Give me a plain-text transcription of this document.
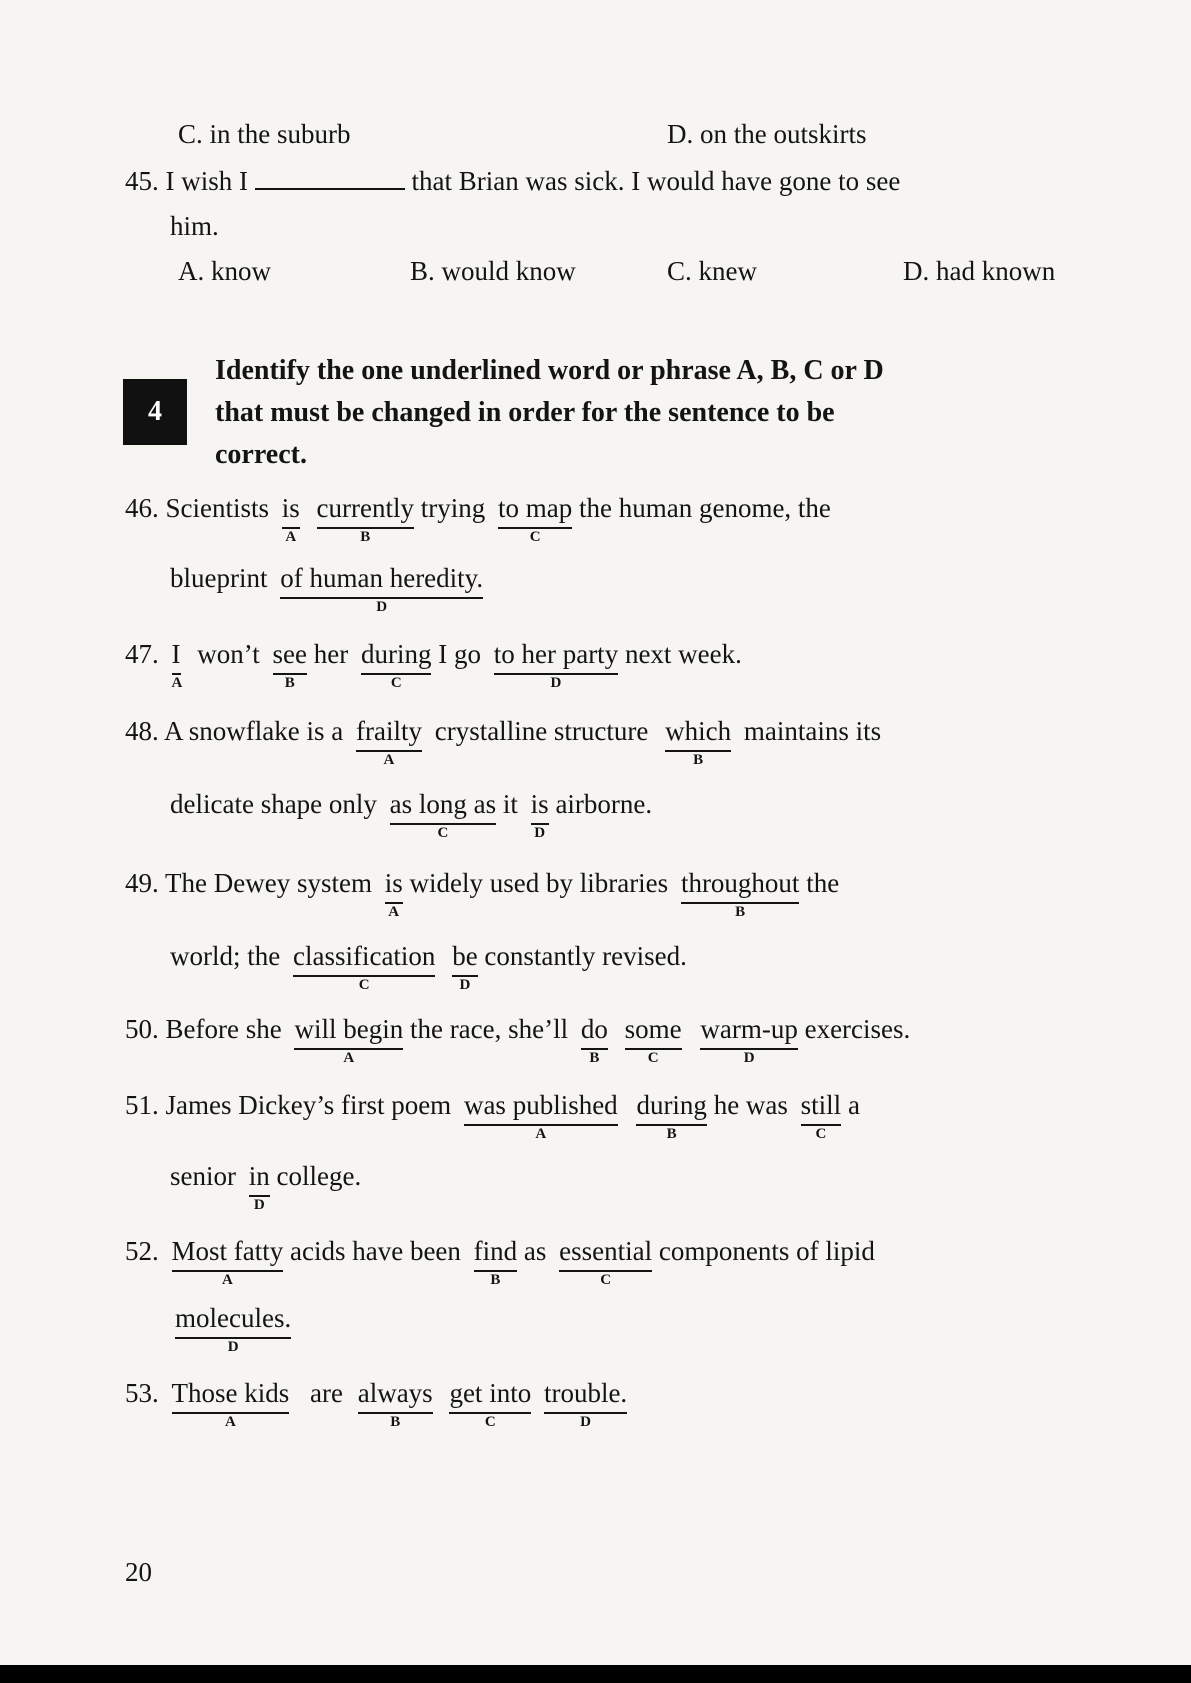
C. in the suburb	D. on the outskirts
45. I wish I	that Brian was sick. I would have gone to see
him.
A. know	B. would know	C. knew	D. had known
4
Identify the one underlined word or phrase A, B, C or D
that must be changed in order for the sentence to be
correct.
46. Scientists is
A
currently
B
trying to map
C
the human genome, the
blueprint of human heredity.
D
47. I
A
won’t see
B
her during
C
I go to her party
D
next week.
48. A snowflake is a frailty
A
crystalline structure which
B
maintains its
delicate shape only as long as
C
it is
D
airborne.
49. The Dewey system is
A
widely used by libraries throughout
B
the
world; the classification
C
be
D
constantly revised.
50. Before she will begin
A
the race, she’ll do
B
some
C
warm-up
D
exercises.
51. James Dickey’s first poem was published
A
during
B
he was still
C
a
senior in
D
college.
52. Most fatty
A
acids have been find
B
as essential
C
components of lipid
molecules.
D
53. Those kids
A
are always
B
get into
C
trouble.
D
20
